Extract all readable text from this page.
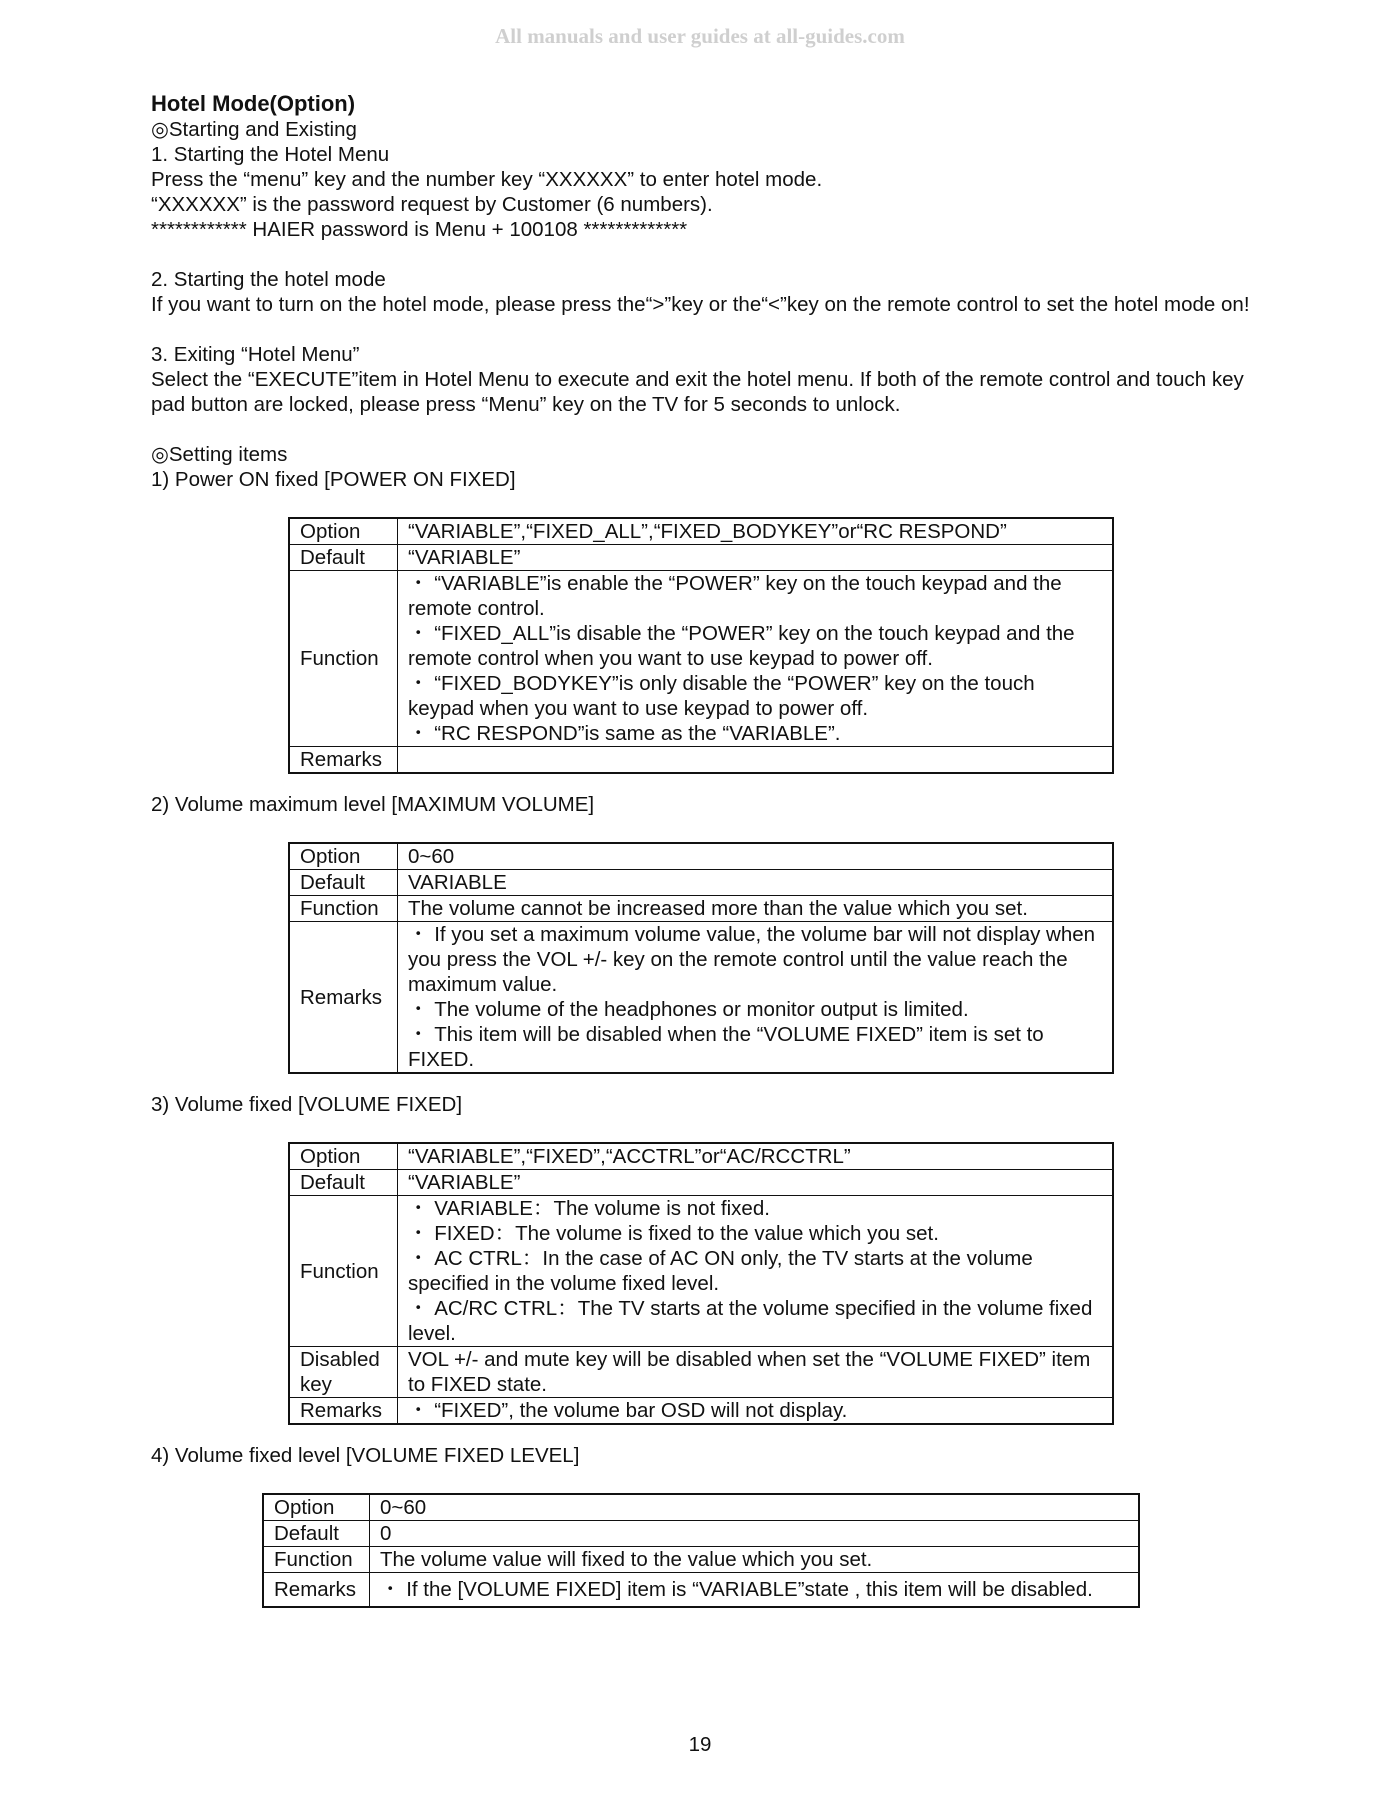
All manuals and user guides at all-guides.com

Hotel Mode(Option)

◎Starting and Existing

1. Starting the Hotel Menu

Press the “menu” key and the number key “XXXXXX” to enter hotel mode.

“XXXXXX” is the password request by Customer (6 numbers).

************ HAIER password is Menu + 100108 *************

2. Starting the hotel mode

If you want to turn on the hotel mode, please press the“>”key or the“<”key on the remote control to set the hotel mode on!

3. Exiting “Hotel Menu”

Select the “EXECUTE”item in Hotel Menu to execute and exit the hotel menu. If both of the remote control and touch key pad button are locked, please press “Menu” key on the TV for 5 seconds to unlock.

◎Setting items

1) Power ON fixed [POWER ON FIXED]

Option	“VARIABLE”,“FIXED_ALL”,“FIXED_BODYKEY”or“RC RESPOND”
Default	“VARIABLE”
Function	・ “VARIABLE”is enable the “POWER” key on the touch keypad and the remote control.
・ “FIXED_ALL”is disable the “POWER” key on the touch keypad and the remote control when you want to use keypad to power off.
・ “FIXED_BODYKEY”is only disable the “POWER” key on the touch keypad when you want to use keypad to power off.
・ “RC RESPOND”is same as the “VARIABLE”.

Remarks	

2) Volume maximum level [MAXIMUM VOLUME]

Option	0~60
Default	VARIABLE
Function	The volume cannot be increased more than the value which you set.
Remarks	・ If you set a maximum volume value, the volume bar will not display when you press the VOL +/- key on the remote control until the value reach the maximum value.
・ The volume of the headphones or monitor output is limited.
・ This item will be disabled when the “VOLUME FIXED” item is set to FIXED.

3) Volume fixed [VOLUME FIXED]

Option	“VARIABLE”,“FIXED”,“ACCTRL”or“AC/RCCTRL”
Default	“VARIABLE”
Function	・ VARIABLE：The volume is not fixed.
・ FIXED：The volume is fixed to the value which you set.
・ AC CTRL：In the case of AC ON only, the TV starts at the volume specified in the volume fixed level.
・ AC/RC CTRL：The TV starts at the volume specified in the volume fixed level.

Disabled key	VOL +/- and mute key will be disabled when set the “VOLUME FIXED” item to FIXED state.
Remarks	・ “FIXED”, the volume bar OSD will not display.

4) Volume fixed level [VOLUME FIXED LEVEL]

Option	0~60
Default	0
Function	The volume value will fixed to the value which you set.
Remarks	・ If the [VOLUME FIXED] item is “VARIABLE”state , this item will be disabled.
19
